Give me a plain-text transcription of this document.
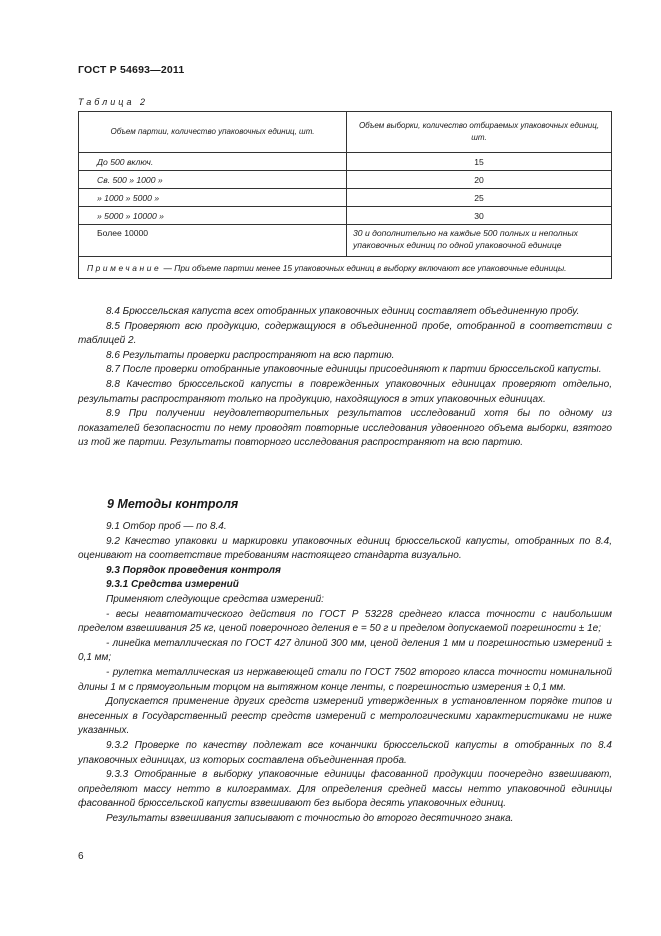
ГОСТ Р 54693—2011
Таблица 2
Объем партии, количество упаковочных единиц, шт.	Объем выборки, количество отбираемых упаковочных единиц, шт.
До 500 включ.	15
Св. 500 » 1000 »	20
» 1000 » 5000 »	25
» 5000 » 10000 »	30
Более 10000	30 и дополнительно на каждые 500 полных и неполных упаковочных единиц по одной упаковочной единице
Примечание — При объеме партии менее 15 упаковочных единиц в выборку включают все упаковочные единицы.	

8.4 Брюссельская капуста всех отобранных упаковочных единиц составляет объединенную пробу.

8.5 Проверяют всю продукцию, содержащуюся в объединенной пробе, отобранной в соответствии с таблицей 2.

8.6 Результаты проверки распространяют на всю партию.

8.7 После проверки отобранные упаковочные единицы присоединяют к партии брюссельской капусты.

8.8 Качество брюссельской капусты в поврежденных упаковочных единицах проверяют отдельно, результаты распространяют только на продукцию, находящуюся в этих упаковочных единицах.

8.9 При получении неудовлетворительных результатов исследований хотя бы по одному из показателей безопасности по нему проводят повторные исследования удвоенного объема выборки, взятого из той же партии. Результаты повторного исследования распространяют на всю партию.

9 Методы контроля

9.1 Отбор проб — по 8.4.

9.2 Качество упаковки и маркировки упаковочных единиц брюссельской капусты, отобранных по 8.4, оценивают на соответствие требованиям настоящего стандарта визуально.

9.3 Порядок проведения контроля

9.3.1 Средства измерений

Применяют следующие средства измерений:

- весы неавтоматического действия по ГОСТ Р 53228 среднего класса точности с наибольшим пределом взвешивания 25 кг, ценой поверочного деления е = 50 г и пределом допускаемой погрешности ± 1е;

- линейка металлическая по ГОСТ 427 длиной 300 мм, ценой деления 1 мм и погрешностью измерений ± 0,1 мм;

- рулетка металлическая из нержавеющей стали по ГОСТ 7502 второго класса точности номинальной длины 1 м с прямоугольным торцом на вытяжном конце ленты, с погрешностью измерения ± 0,1 мм.

Допускается применение других средств измерений утвержденных в установленном порядке типов и внесенных в Государственный реестр средств измерений с метрологическими характеристиками не ниже указанных.

9.3.2 Проверке по качеству подлежат все кочанчики брюссельской капусты в отобранных по 8.4 упаковочных единицах, из которых составлена объединенная проба.

9.3.3 Отобранные в выборку упаковочные единицы фасованной продукции поочередно взвешивают, определяют массу нетто в килограммах. Для определения средней массы нетто упаковочной единицы фасованной брюссельской капусты взвешивают без выбора десять упаковочных единиц.

Результаты взвешивания записывают с точностью до второго десятичного знака.

6
